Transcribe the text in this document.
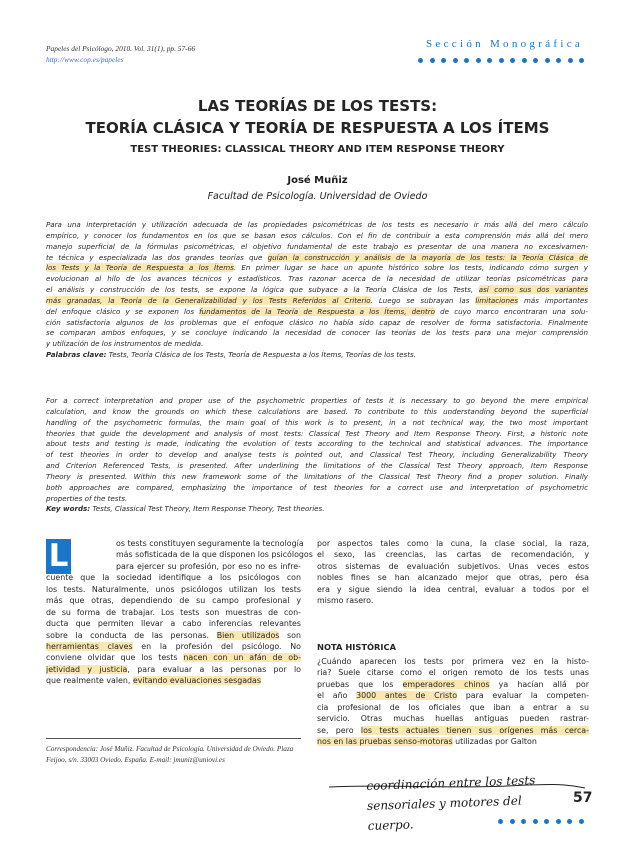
Papeles del Psicólogo, 2010. Vol. 31(1), pp. 57-66
http://www.cop.es/papeles
Sección Monográfica
LAS TEORÍAS DE LOS TESTS:
TEORÍA CLÁSICA Y TEORÍA DE RESPUESTA A LOS ÍTEMS
TEST THEORIES: CLASSICAL THEORY AND ITEM RESPONSE THEORY
José Muñiz
Facultad de Psicología. Universidad de Oviedo
Para una interpretación y utilización adecuada de las propiedades psicométricas de los tests es necesario ir más allá del mero cálculo
empírico, y conocer los fundamentos en los que se basan esos cálculos. Con el fin de contribuir a esta comprensión más allá del mero
manejo superficial de la fórmulas psicométricas, el objetivo fundamental de este trabajo es presentar de una manera no excesivamen-
te técnica y especializada las dos grandes teorías que guían la construcción y análisis de la mayoría de los tests: la Teoría Clásica de
los Tests y la Teoría de Respuesta a los Ítems. En primer lugar se hace un apunte histórico sobre los tests, indicando cómo surgen y
evolucionan al hilo de los avances técnicos y estadísticos. Tras razonar acerca de la necesidad de utilizar teorías psicométricas para
el análisis y construcción de los tests, se expone la lógica que subyace a la Teoría Clásica de los Tests, así como sus dos variantes
más granadas, la Teoría de la Generalizabilidad y los Tests Referidos al Criterio. Luego se subrayan las limitaciones más importantes
del enfoque clásico y se exponen los fundamentos de la Teoría de Respuesta a los Ítems, dentro de cuyo marco encontraran una solu-
ción satisfactoria algunos de los problemas que el enfoque clásico no había sido capaz de resolver de forma satisfactoria. Finalmente
se comparan ambos enfoques, y se concluye indicando la necesidad de conocer las teorías de los tests para una mejor comprensión
y utilización de los instrumentos de medida.
Palabras clave: Tests, Teoría Clásica de los Tests, Teoría de Respuesta a los Ítems, Teorías de los tests.
For a correct interpretation and proper use of the psychometric properties of tests it is necessary to go beyond the mere empirical
calculation, and know the grounds on which these calculations are based. To contribute to this understanding beyond the superficial
handling of the psychometric formulas, the main goal of this work is to present, in a not technical way, the two most important
theories that guide the development and analysis of most tests: Classical Test Theory and Item Response Theory. First, a historic note
about tests and testing is made, indicating the evolution of tests according to the technical and statistical advances. The importance
of test theories in order to develop and analyse tests is pointed out, and Classical Test Theory, including Generalizability Theory
and Criterion Referenced Tests, is presented. After underlining the limitations of the Classical Test Theory approach, Item Response
Theory is presented. Within this new framework some of the limitations of the Classical Test Theory find a proper solution. Finally
both approaches are compared, emphasizing the importance of test theories for a correct use and interpretation of psychometric
properties of the tests.
Key words: Tests, Classical Test Theory, Item Response Theory, Test theories.
L	os tests constituyen seguramente la tecnología
más sofisticada de la que disponen los psicólogos
para ejercer su profesión, por eso no es infre-
cuente que la sociedad identifique a los psicólogos con
los tests. Naturalmente, unos psicólogos utilizan los tests
más que otras, dependiendo de su campo profesional y
de su forma de trabajar. Los tests son muestras de con-
ducta que permiten llevar a cabo inferencias relevantes
sobre la conducta de las personas. Bien utilizados son
herramientas claves en la profesión del psicólogo. No
conviene olvidar que los tests nacen con un afán de ob-
jetividad y justicia, para evaluar a las personas por lo
que realmente valen, evitando evaluaciones sesgadas
por aspectos tales como la cuna, la clase social, la raza,
el sexo, las creencias, las cartas de recomendación, y
otros sistemas de evaluación subjetivos. Unas veces estos
nobles fines se han alcanzado mejor que otras, pero ésa
era y sigue siendo la idea central, evaluar a todos por el
mismo rasero.
NOTA HISTÓRICA
¿Cuándo aparecen los tests por primera vez en la histo-
ria? Suele citarse como el origen remoto de los tests unas
pruebas que los emperadores chinos ya hacían allá por
el año 3000 antes de Cristo para evaluar la competen-
cia profesional de los oficiales que iban a entrar a su
servicio. Otras muchas huellas antiguas pueden rastrar-
se, pero los tests actuales tienen sus orígenes más cerca-
nos en las pruebas senso-motoras utilizadas por Galton
Correspondencia: José Muñiz. Facultad de Psicología. Universidad de Oviedo. Plaza Feijoo, s/n. 33003 Oviedo. España. E-mail: jmuniz@uniovi.es
coordinación entre los tests
sensoriales y motores del
cuerpo.
57
